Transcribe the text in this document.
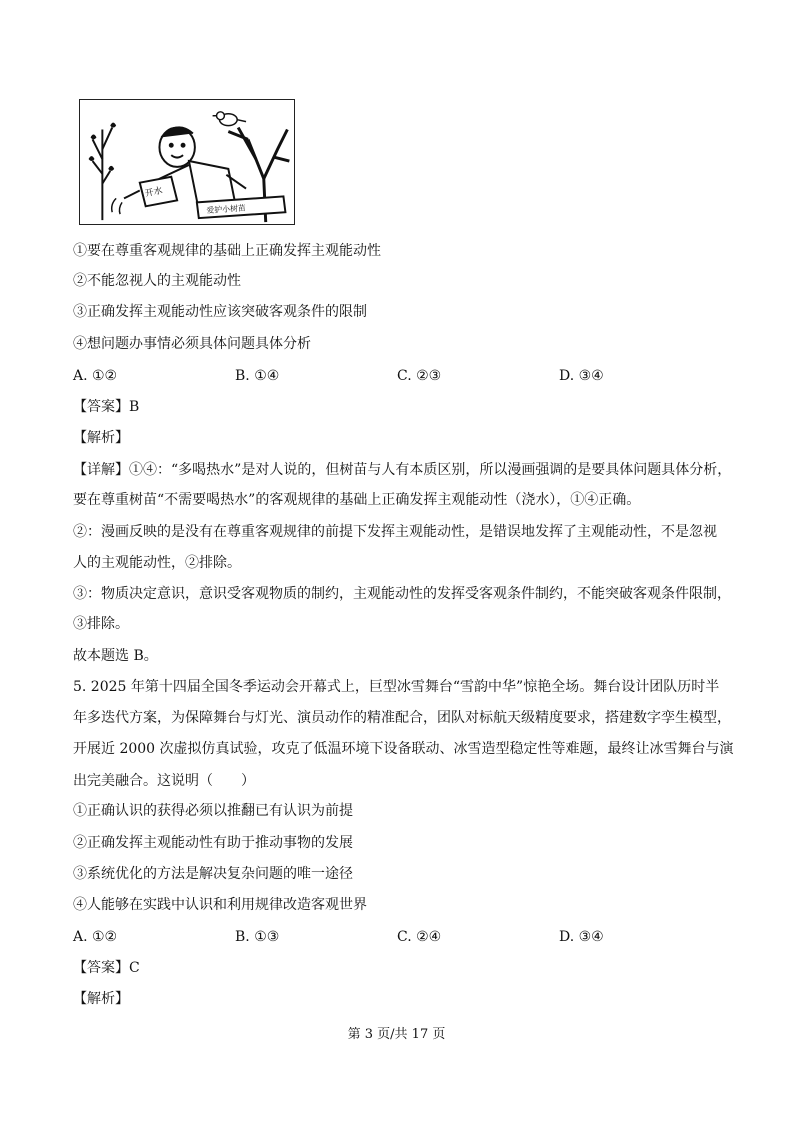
开水
爱护小树苗
①要在尊重客观规律的基础上正确发挥主观能动性
②不能忽视人的主观能动性
③正确发挥主观能动性应该突破客观条件的限制
④想问题办事情必须具体问题具体分析
A. ①②	B. ①④	C. ②③	D. ③④
【答案】B
【解析】
【详解】①④：“多喝热水”是对人说的，但树苗与人有本质区别，所以漫画强调的是要具体问题具体分析，
要在尊重树苗“不需要喝热水”的客观规律的基础上正确发挥主观能动性（浇水），①④正确。
②：漫画反映的是没有在尊重客观规律的前提下发挥主观能动性，是错误地发挥了主观能动性，不是忽视
人的主观能动性，②排除。
③：物质决定意识，意识受客观物质的制约，主观能动性的发挥受客观条件制约，不能突破客观条件限制，
③排除。
故本题选 B。
5. 2025 年第十四届全国冬季运动会开幕式上，巨型冰雪舞台“雪韵中华”惊艳全场。舞台设计团队历时半
年多迭代方案，为保障舞台与灯光、演员动作的精准配合，团队对标航天级精度要求，搭建数字孪生模型，
开展近 2000 次虚拟仿真试验，攻克了低温环境下设备联动、冰雪造型稳定性等难题，最终让冰雪舞台与演
出完美融合。这说明（　　）
①正确认识的获得必须以推翻已有认识为前提
②正确发挥主观能动性有助于推动事物的发展
③系统优化的方法是解决复杂问题的唯一途径
④人能够在实践中认识和利用规律改造客观世界
A. ①②	B. ①③	C. ②④	D. ③④
【答案】C
【解析】
第 3 页/共 17 页
